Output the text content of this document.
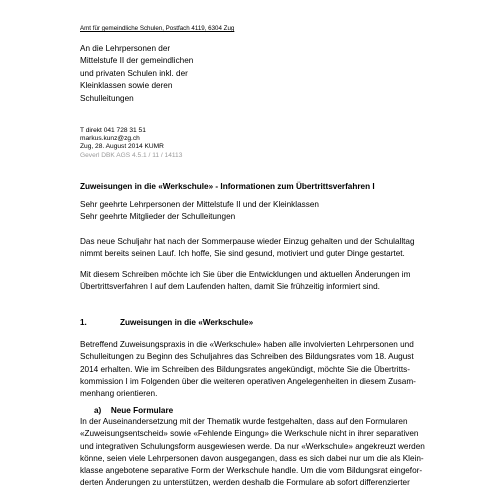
Amt für gemeindliche Schulen, Postfach 4119, 6304 Zug
An die Lehrpersonen der
Mittelstufe II der gemeindlichen
und privaten Schulen inkl. der
Kleinklassen sowie deren
Schulleitungen
T direkt 041 728 31 51
markus.kunz@zg.ch
Zug, 28. August 2014 KUMR
Geverl DBK AGS 4.5.1 / 11 / 14113
Zuweisungen in die «Werkschule» - Informationen zum Übertrittsverfahren I
Sehr geehrte Lehrpersonen der Mittelstufe II und der Kleinklassen
Sehr geehrte Mitglieder der Schulleitungen
Das neue Schuljahr hat nach der Sommerpause wieder Einzug gehalten und der Schulalltag
nimmt bereits seinen Lauf. Ich hoffe, Sie sind gesund, motiviert und guter Dinge gestartet.
Mit diesem Schreiben möchte ich Sie über die Entwicklungen und aktuellen Änderungen im
Übertrittsverfahren I auf dem Laufenden halten, damit Sie frühzeitig informiert sind.
1.	Zuweisungen in die «Werkschule»
Betreffend Zuweisungspraxis in die «Werkschule» haben alle involvierten Lehrpersonen und
Schulleitungen zu Beginn des Schuljahres das Schreiben des Bildungsrates vom 18. August
2014 erhalten. Wie im Schreiben des Bildungsrates angekündigt, möchte Sie die Übertritts-
kommission I im Folgenden über die weiteren operativen Angelegenheiten in diesem Zusam-
menhang orientieren.
a) Neue Formulare
In der Auseinandersetzung mit der Thematik wurde festgehalten, dass auf den Formularen
«Zuweisungsentscheid» sowie «Fehlende Eingung» die Werkschule nicht in ihrer separativen
und integrativen Schulungsform ausgewiesen werde. Da nur «Werkschule» angekreuzt werden
könne, seien viele Lehrpersonen davon ausgegangen, dass es sich dabei nur um die als Klein-
klasse angebotene separative Form der Werkschule handle. Um die vom Bildungsrat eingefor-
derten Änderungen zu unterstützen, werden deshalb die Formulare ab sofort differenzierter
